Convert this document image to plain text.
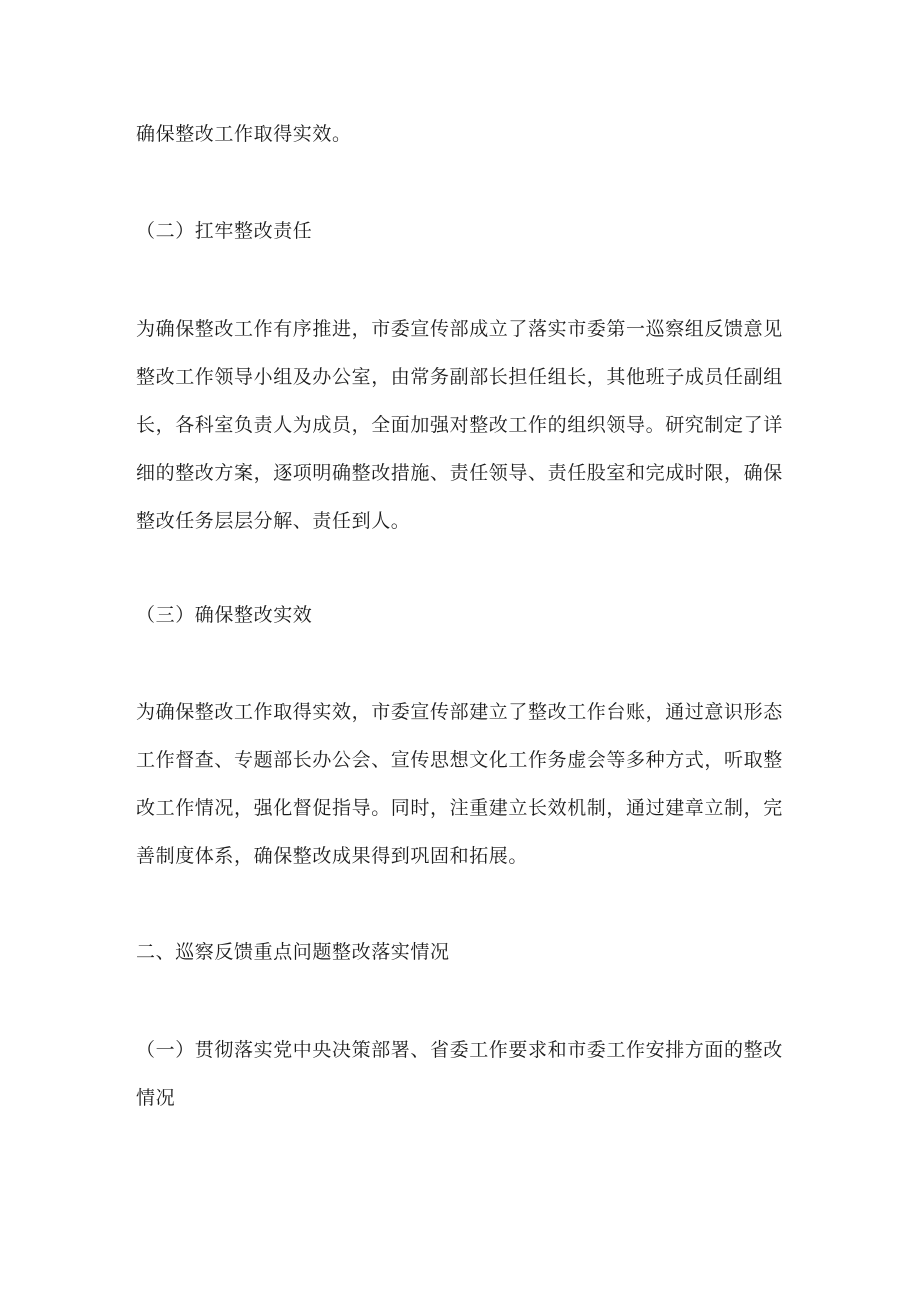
确保整改工作取得实效。
（二）扛牢整改责任
为确保整改工作有序推进，市委宣传部成立了落实市委第一巡察组反馈意见
整改工作领导小组及办公室，由常务副部长担任组长，其他班子成员任副组
长，各科室负责人为成员，全面加强对整改工作的组织领导。研究制定了详
细的整改方案，逐项明确整改措施、责任领导、责任股室和完成时限，确保
整改任务层层分解、责任到人。
（三）确保整改实效
为确保整改工作取得实效，市委宣传部建立了整改工作台账，通过意识形态
工作督查、专题部长办公会、宣传思想文化工作务虚会等多种方式，听取整
改工作情况，强化督促指导。同时，注重建立长效机制，通过建章立制，完
善制度体系，确保整改成果得到巩固和拓展。
二、巡察反馈重点问题整改落实情况
（一）贯彻落实党中央决策部署、省委工作要求和市委工作安排方面的整改
情况
